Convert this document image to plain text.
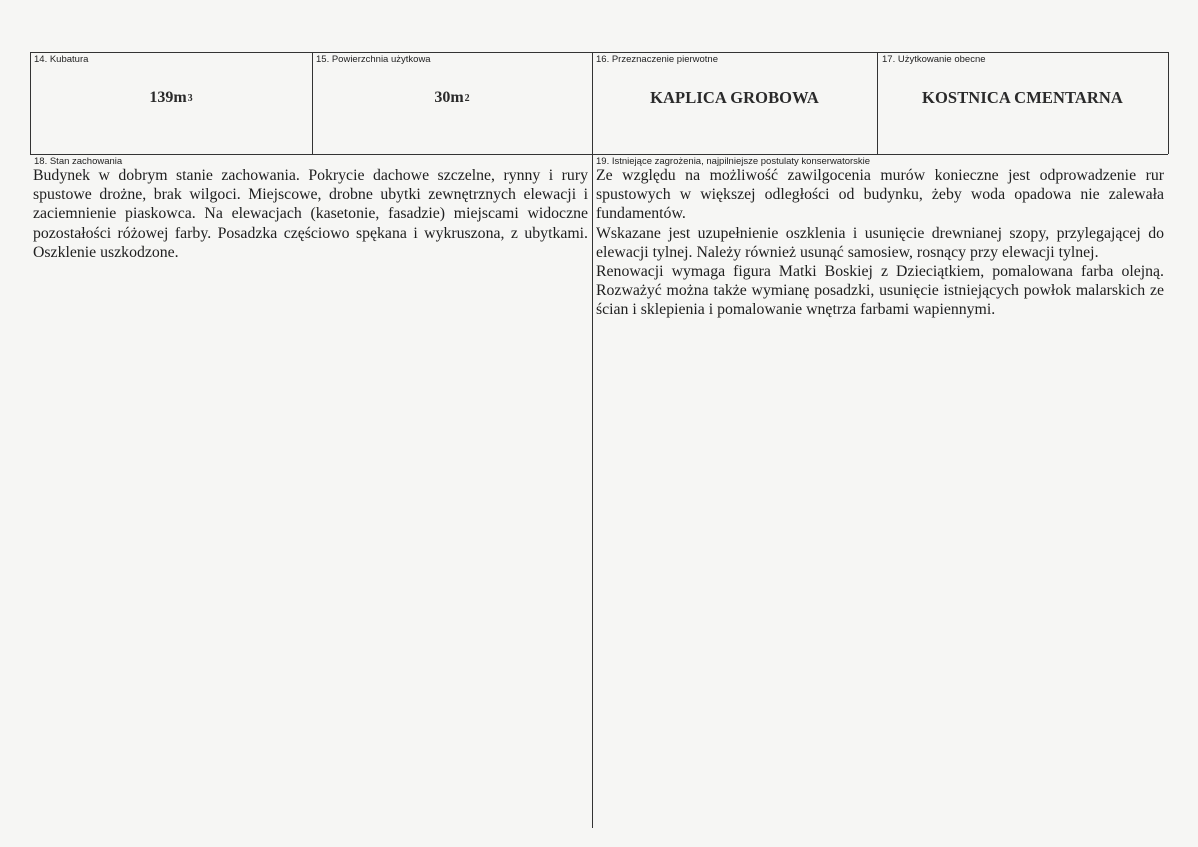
14. Kubatura
139m 3
15. Powierzchnia użytkowa
30m 2
16. Przeznaczenie pierwotne
KAPLICA GROBOWA
17. Użytkowanie obecne
KOSTNICA CMENTARNA
18. Stan zachowania

Budynek w dobrym stanie zachowania. Pokrycie dachowe szczelne, rynny i rury spustowe drożne, brak wilgoci. Miejscowe, drobne ubytki zewnętrznych elewacji i zaciemnienie piaskowca. Na elewacjach (kasetonie, fasadzie) miejscami widoczne pozostałości różowej farby. Posadzka częściowo spękana i wykruszona, z ubytkami. Oszklenie uszkodzone.

19. Istniejące zagrożenia, najpilniejsze postulaty konserwatorskie

Ze względu na możliwość zawilgocenia murów konieczne jest odprowadzenie rur spustowych w większej odległości od budynku, żeby woda opadowa nie zalewała fundamentów.

Wskazane jest uzupełnienie oszklenia i usunięcie drewnianej szopy, przylegającej do elewacji tylnej. Należy również usunąć samosiew, rosnący przy elewacji tylnej.

Renowacji wymaga figura Matki Boskiej z Dzieciątkiem, pomalowana farba olejną. Rozważyć można także wymianę posadzki, usunięcie istniejących powłok malarskich ze ścian i sklepienia i pomalowanie wnętrza farbami wapiennymi.
